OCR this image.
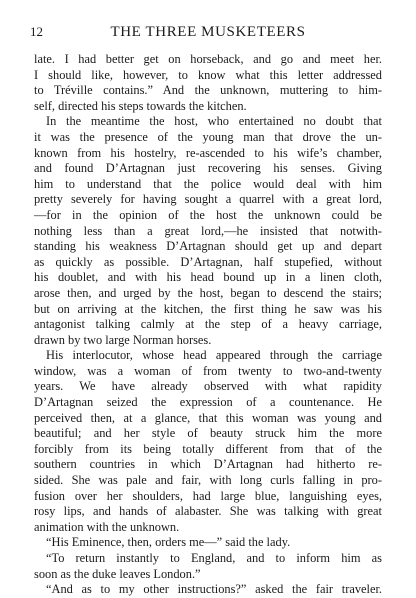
12	THE THREE MUSKETEERS
late. I had better get on horseback, and go and meet her.
I should like, however, to know what this letter addressed
to Tréville contains.” And the unknown, muttering to him-
self, directed his steps towards the kitchen.
In the meantime the host, who entertained no doubt that
it was the presence of the young man that drove the un-
known from his hostelry, re-ascended to his wife’s chamber,
and found D’Artagnan just recovering his senses. Giving
him to understand that the police would deal with him
pretty severely for having sought a quarrel with a great lord,
—for in the opinion of the host the unknown could be
nothing less than a great lord,—he insisted that notwith-
standing his weakness D’Artagnan should get up and depart
as quickly as possible. D’Artagnan, half stupefied, without
his doublet, and with his head bound up in a linen cloth,
arose then, and urged by the host, began to descend the stairs;
but on arriving at the kitchen, the first thing he saw was his
antagonist talking calmly at the step of a heavy carriage,
drawn by two large Norman horses.
His interlocutor, whose head appeared through the carriage
window, was a woman of from twenty to two-and-twenty
years. We have already observed with what rapidity
D’Artagnan seized the expression of a countenance. He
perceived then, at a glance, that this woman was young and
beautiful; and her style of beauty struck him the more
forcibly from its being totally different from that of the
southern countries in which D’Artagnan had hitherto re-
sided. She was pale and fair, with long curls falling in pro-
fusion over her shoulders, had large blue, languishing eyes,
rosy lips, and hands of alabaster. She was talking with great
animation with the unknown.
“His Eminence, then, orders me—” said the lady.
“To return instantly to England, and to inform him as
soon as the duke leaves London.”
“And as to my other instructions?” asked the fair traveler.
